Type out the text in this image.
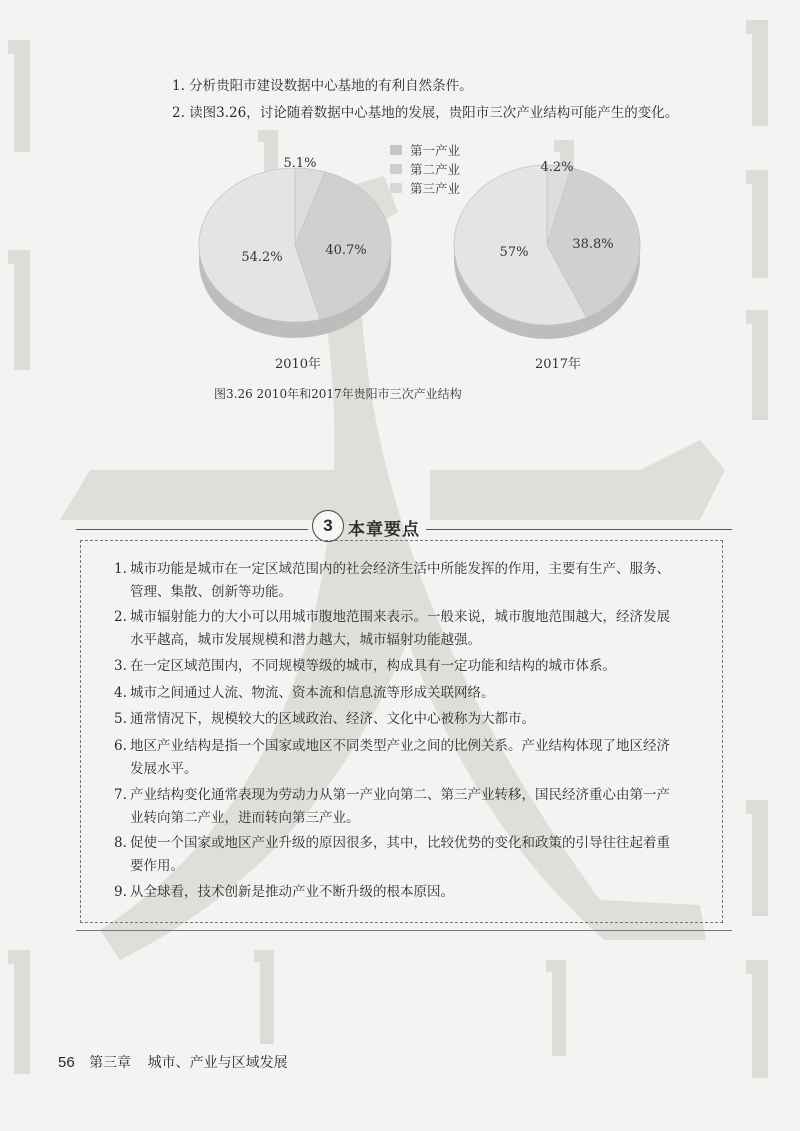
1. 分析贵阳市建设数据中心基地的有利自然条件。
2. 读图3.26，讨论随着数据中心基地的发展，贵阳市三次产业结构可能产生的变化。
5.1%
40.7%
54.2%
2010年
4.2%
38.8%
57%
2017年
第一产业
第二产业
第三产业
图3.26 2010年和2017年贵阳市三次产业结构
3 本章要点
1. 城市功能是城市在一定区域范围内的社会经济生活中所能发挥的作用，主要有生产、服务、管理、集散、创新等功能。
2. 城市辐射能力的大小可以用城市腹地范围来表示。一般来说，城市腹地范围越大，经济发展水平越高，城市发展规模和潜力越大，城市辐射功能越强。
3. 在一定区域范围内，不同规模等级的城市，构成具有一定功能和结构的城市体系。
4. 城市之间通过人流、物流、资本流和信息流等形成关联网络。
5. 通常情况下，规模较大的区域政治、经济、文化中心被称为大都市。
6. 地区产业结构是指一个国家或地区不同类型产业之间的比例关系。产业结构体现了地区经济发展水平。
7. 产业结构变化通常表现为劳动力从第一产业向第二、第三产业转移，国民经济重心由第一产业转向第二产业，进而转向第三产业。
8. 促使一个国家或地区产业升级的原因很多，其中，比较优势的变化和政策的引导往往起着重要作用。
9. 从全球看，技术创新是推动产业不断升级的根本原因。
56 第三章 城市、产业与区域发展
